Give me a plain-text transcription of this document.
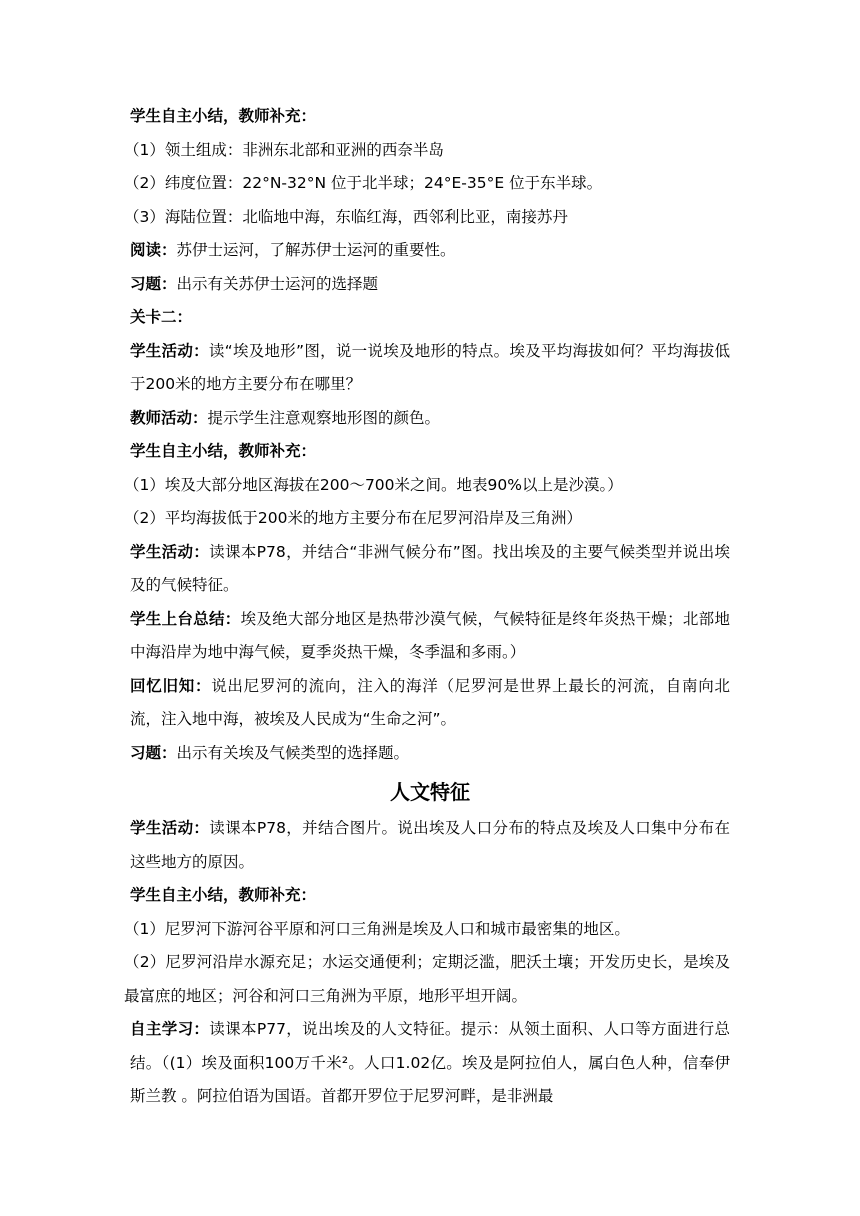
学生自主小结，教师补充：

（1）领土组成：非洲东北部和亚洲的西奈半岛

（2）纬度位置：22°N-32°N 位于北半球；24°E-35°E 位于东半球。

（3）海陆位置：北临地中海，东临红海，西邻利比亚，南接苏丹

阅读：苏伊士运河，了解苏伊士运河的重要性。

习题：出示有关苏伊士运河的选择题

关卡二：

学生活动：读“埃及地形”图，说一说埃及地形的特点。埃及平均海拔如何？平均海拔低于200米的地方主要分布在哪里？

教师活动：提示学生注意观察地形图的颜色。

学生自主小结，教师补充：

（1）埃及大部分地区海拔在200～700米之间。地表90%以上是沙漠。）

（2）平均海拔低于200米的地方主要分布在尼罗河沿岸及三角洲）

学生活动：读课本P78，并结合“非洲气候分布”图。找出埃及的主要气候类型并说出埃及的气候特征。

学生上台总结：埃及绝大部分地区是热带沙漠气候，气候特征是终年炎热干燥；北部地中海沿岸为地中海气候，夏季炎热干燥，冬季温和多雨。）

回忆旧知：说出尼罗河的流向，注入的海洋（尼罗河是世界上最长的河流，自南向北流，注入地中海，被埃及人民成为“生命之河”。

习题：出示有关埃及气候类型的选择题。

人文特征

学生活动：读课本P78，并结合图片。说出埃及人口分布的特点及埃及人口集中分布在这些地方的原因。

学生自主小结，教师补充：

（1）尼罗河下游河谷平原和河口三角洲是埃及人口和城市最密集的地区。

（2）尼罗河沿岸水源充足；水运交通便利；定期泛滥，肥沃土壤；开发历史长，是埃及最富庶的地区；河谷和河口三角洲为平原，地形平坦开阔。

自主学习：读课本P77，说出埃及的人文特征。提示：从领土面积、人口等方面进行总结。（(1）埃及面积100万千米²。人口1.02亿。埃及是阿拉伯人，属白色人种，信奉伊斯兰教 。阿拉伯语为国语。首都开罗位于尼罗河畔，是非洲最
